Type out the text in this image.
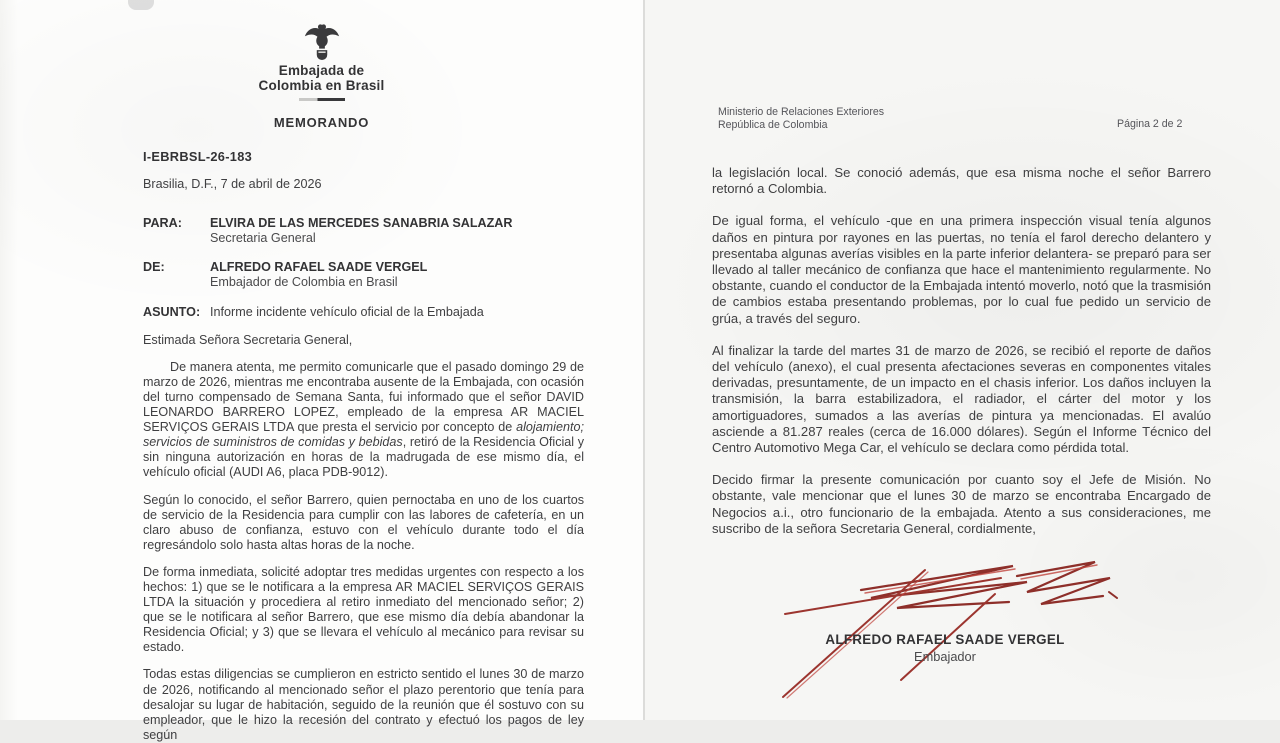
Embajada de
Colombia en Brasil
MEMORANDO
I-EBRBSL-26-183
Brasilia, D.F., 7 de abril de 2026
PARA:	ELVIRA DE LAS MERCEDES SANABRIA SALAZAR
Secretaria General
DE:	ALFREDO RAFAEL SAADE VERGEL
Embajador de Colombia en Brasil
ASUNTO: Informe incidente vehículo oficial de la Embajada
Estimada Señora Secretaria General,
De manera atenta, me permito comunicarle que el pasado domingo 29 de marzo de 2026, mientras me encontraba ausente de la Embajada, con ocasión del turno compensado de Semana Santa, fui informado que el señor DAVID LEONARDO BARRERO LOPEZ, empleado de la empresa AR MACIEL SERVIÇOS GERAIS LTDA que presta el servicio por concepto de alojamiento; servicios de suministros de comidas y bebidas, retiró de la Residencia Oficial y sin ninguna autorización en horas de la madrugada de ese mismo día, el vehículo oficial (AUDI A6, placa PDB-9012).
Según lo conocido, el señor Barrero, quien pernoctaba en uno de los cuartos de servicio de la Residencia para cumplir con las labores de cafetería, en un claro abuso de confianza, estuvo con el vehículo durante todo el día regresándolo solo hasta altas horas de la noche.
De forma inmediata, solicité adoptar tres medidas urgentes con respecto a los hechos: 1) que se le notificara a la empresa AR MACIEL SERVIÇOS GERAIS LTDA la situación y procediera al retiro inmediato del mencionado señor; 2) que se le notificara al señor Barrero, que ese mismo día debía abandonar la Residencia Oficial; y 3) que se llevara el vehículo al mecánico para revisar su estado.
Todas estas diligencias se cumplieron en estricto sentido el lunes 30 de marzo de 2026, notificando al mencionado señor el plazo perentorio que tenía para desalojar su lugar de habitación, seguido de la reunión que él sostuvo con su empleador, que le hizo la recesión del contrato y efectuó los pagos de ley según
Ministerio de Relaciones Exteriores
República de Colombia	Página 2 de 2
la legislación local. Se conoció además, que esa misma noche el señor Barrero retornó a Colombia.
De igual forma, el vehículo -que en una primera inspección visual tenía algunos daños en pintura por rayones en las puertas, no tenía el farol derecho delantero y presentaba algunas averías visibles en la parte inferior delantera- se preparó para ser llevado al taller mecánico de confianza que hace el mantenimiento regularmente. No obstante, cuando el conductor de la Embajada intentó moverlo, notó que la trasmisión de cambios estaba presentando problemas, por lo cual fue pedido un servicio de grúa, a través del seguro.
Al finalizar la tarde del martes 31 de marzo de 2026, se recibió el reporte de daños del vehículo (anexo), el cual presenta afectaciones severas en componentes vitales derivadas, presuntamente, de un impacto en el chasis inferior. Los daños incluyen la transmisión, la barra estabilizadora, el radiador, el cárter del motor y los amortiguadores, sumados a las averías de pintura ya mencionadas. El avalúo asciende a 81.287 reales (cerca de 16.000 dólares). Según el Informe Técnico del Centro Automotivo Mega Car, el vehículo se declara como pérdida total.
Decido firmar la presente comunicación por cuanto soy el Jefe de Misión. No obstante, vale mencionar que el lunes 30 de marzo se encontraba Encargado de Negocios a.i., otro funcionario de la embajada. Atento a sus consideraciones, me suscribo de la señora Secretaria General, cordialmente,
ALFREDO RAFAEL SAADE VERGEL
Embajador
